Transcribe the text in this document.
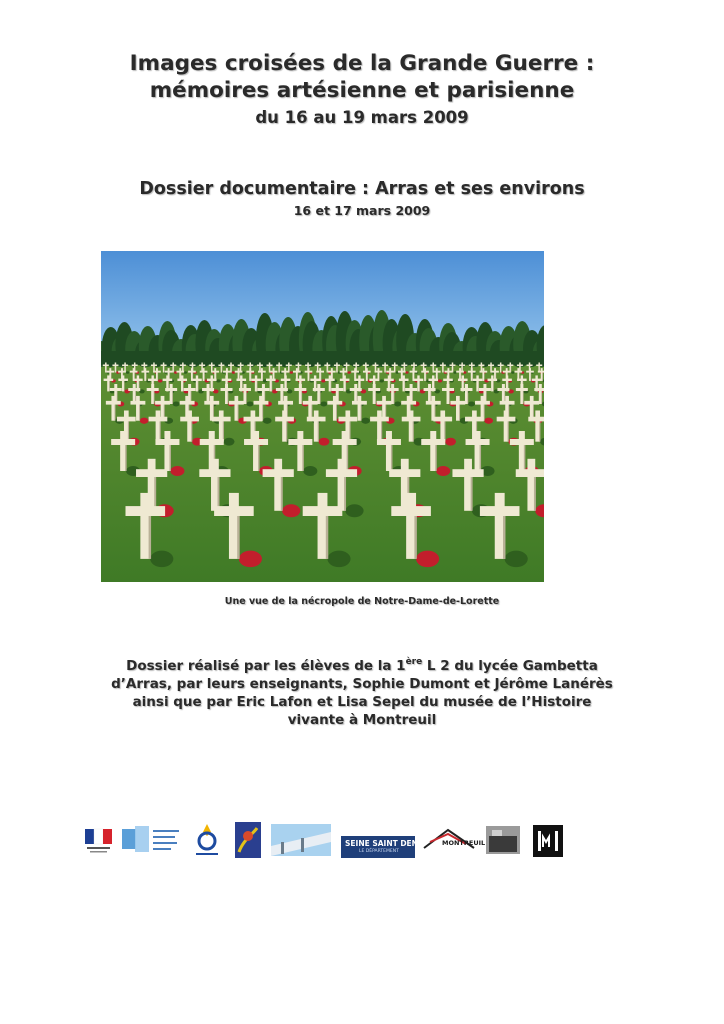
Images croisées de la Grande Guerre :
mémoires artésienne et parisienne
du 16 au 19 mars 2009
Dossier documentaire : Arras et ses environs
16 et 17 mars 2009
Une vue de la nécropole de Notre-Dame-de-Lorette
Dossier réalisé par les élèves de la 1ère L 2 du lycée Gambetta
d’Arras, par leurs enseignants, Sophie Dumont et Jérôme Lanérès
ainsi que par Eric Lafon et Lisa Sepel du musée de l’Histoire
vivante à Montreuil
SEINE SAINT DENIS
LE DÉPARTEMENT
MONTREUIL
